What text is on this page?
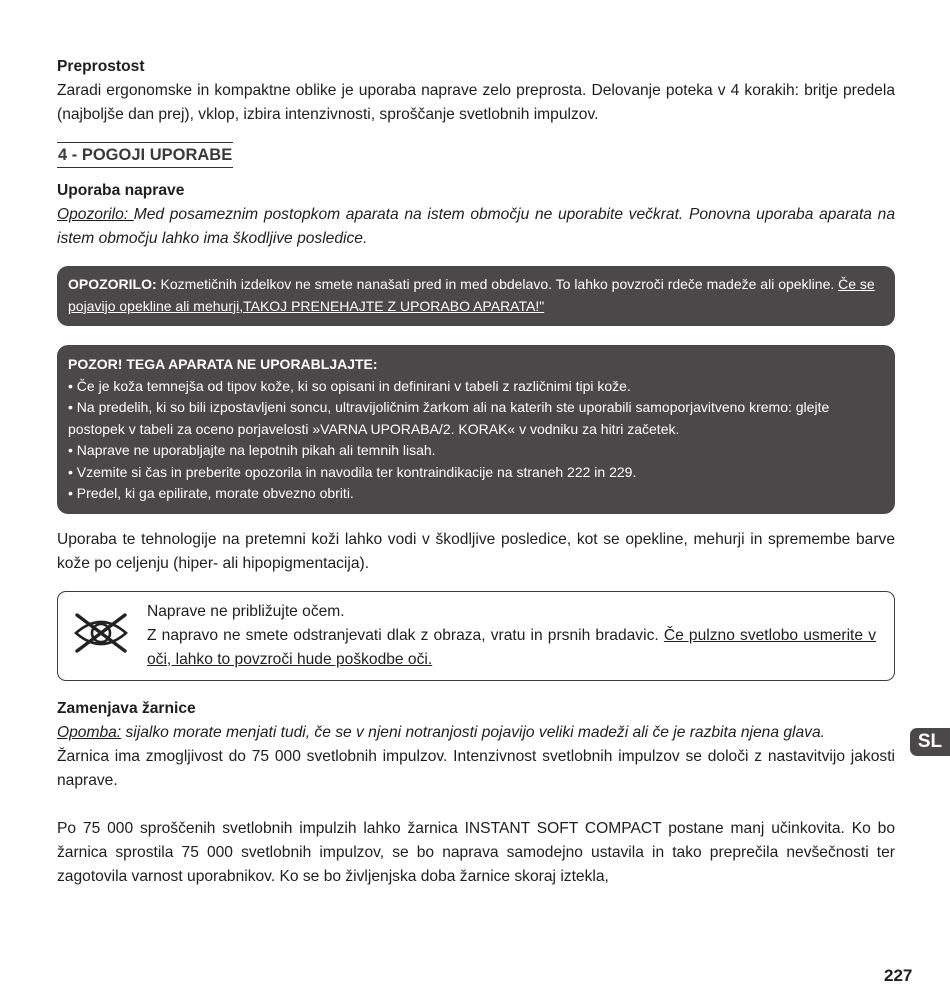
Preprostost

Zaradi ergonomske in kompaktne oblike je uporaba naprave zelo preprosta. Delovanje poteka v 4 korakih: britje predela (najboljše dan prej), vklop, izbira intenzivnosti, sproščanje svetlobnih impulzov.

4 - POGOJI UPORABE

Uporaba naprave

Opozorilo: Med posameznim postopkom aparata na istem območju ne uporabite večkrat. Ponovna uporaba aparata na istem območju lahko ima škodljive posledice.

OPOZORILO: Kozmetičnih izdelkov ne smete nanašati pred in med obdelavo. To lahko povzroči rdeče madeže ali opekline. Če se pojavijo opekline ali mehurji,TAKOJ PRENEHAJTE Z UPORABO APARATA!"
POZOR! TEGA APARATA NE UPORABLJAJTE:
• Če je koža temnejša od tipov kože, ki so opisani in definirani v tabeli z različnimi tipi kože.
• Na predelih, ki so bili izpostavljeni soncu, ultravijoličnim žarkom ali na katerih ste uporabili samoporjavitveno kremo: glejte postopek v tabeli za oceno porjavelosti »VARNA UPORABA/2. KORAK« v vodniku za hitri začetek.
• Naprave ne uporabljajte na lepotnih pikah ali temnih lisah.
• Vzemite si čas in preberite opozorila in navodila ter kontraindikacije na straneh 222 in 229.
• Predel, ki ga epilirate, morate obvezno obriti.

Uporaba te tehnologije na pretemni koži lahko vodi v škodljive posledice, kot se opekline, mehurji in spremembe barve kože po celjenju (hiper- ali hipopigmentacija).

Naprave ne približujte očem.

Z napravo ne smete odstranjevati dlak z obraza, vratu in prsnih bradavic. Če pulzno svetlobo usmerite v oči, lahko to povzroči hude poškodbe oči.

Zamenjava žarnice

Opomba: sijalko morate menjati tudi, če se v njeni notranjosti pojavijo veliki madeži ali če je razbita njena glava.

Žarnica ima zmogljivost do 75 000 svetlobnih impulzov. Intenzivnost svetlobnih impulzov se določi z nastavitvijo jakosti naprave.

Po 75 000 sproščenih svetlobnih impulzih lahko žarnica INSTANT SOFT COMPACT postane manj učinkovita. Ko bo žarnica sprostila 75 000 svetlobnih impulzov, se bo naprava samodejno ustavila in tako preprečila nevšečnosti ter zagotovila varnost uporabnikov. Ko se bo življenjska doba žarnice skoraj iztekla,

SL
227
